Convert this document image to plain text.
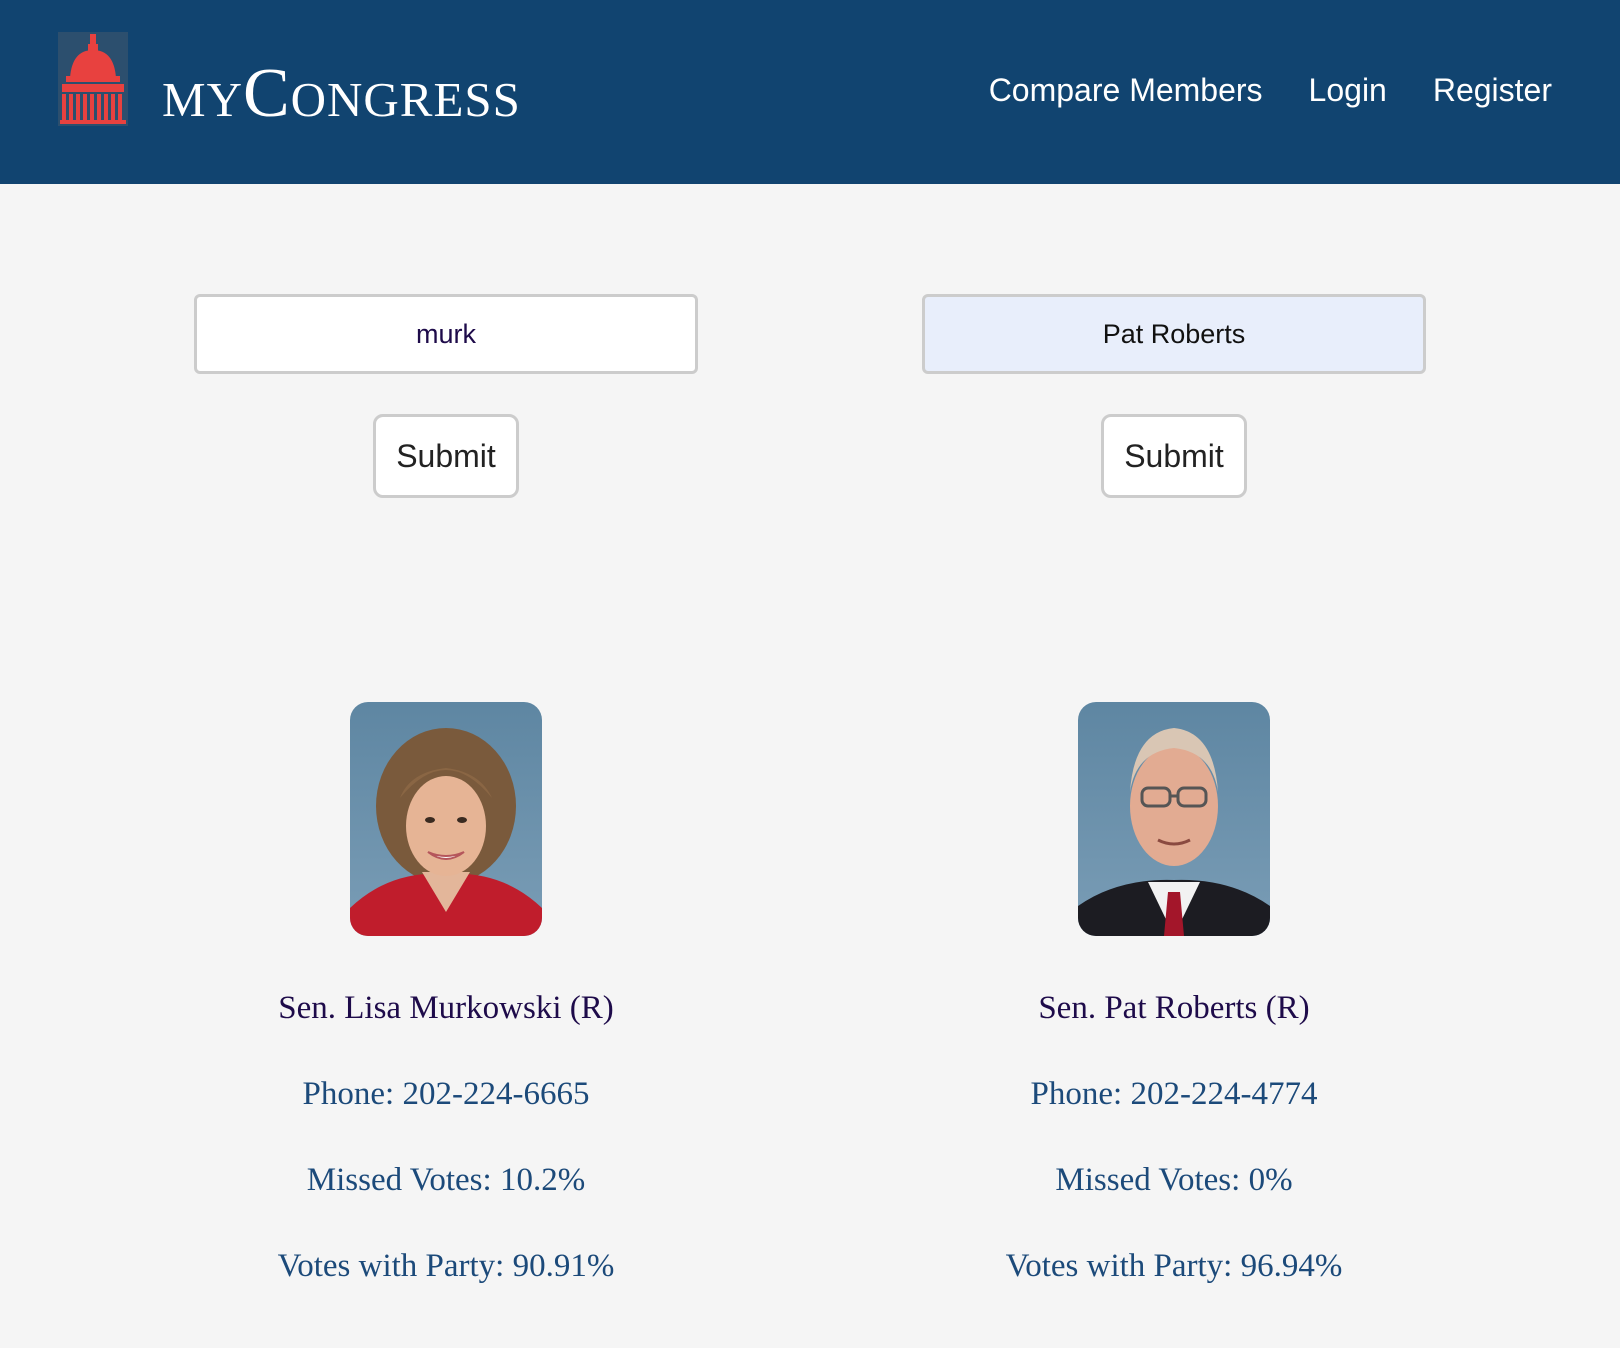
myCongress	Compare Members Login Register
murk
Submit
Pat Roberts	Submit
Sen. Lisa Murkowski (R)
Phone: 202-224-6665
Missed Votes: 10.2%
Votes with Party: 90.91%
Sen. Pat Roberts (R)
Phone: 202-224-4774
Missed Votes: 0%
Votes with Party: 96.94%
